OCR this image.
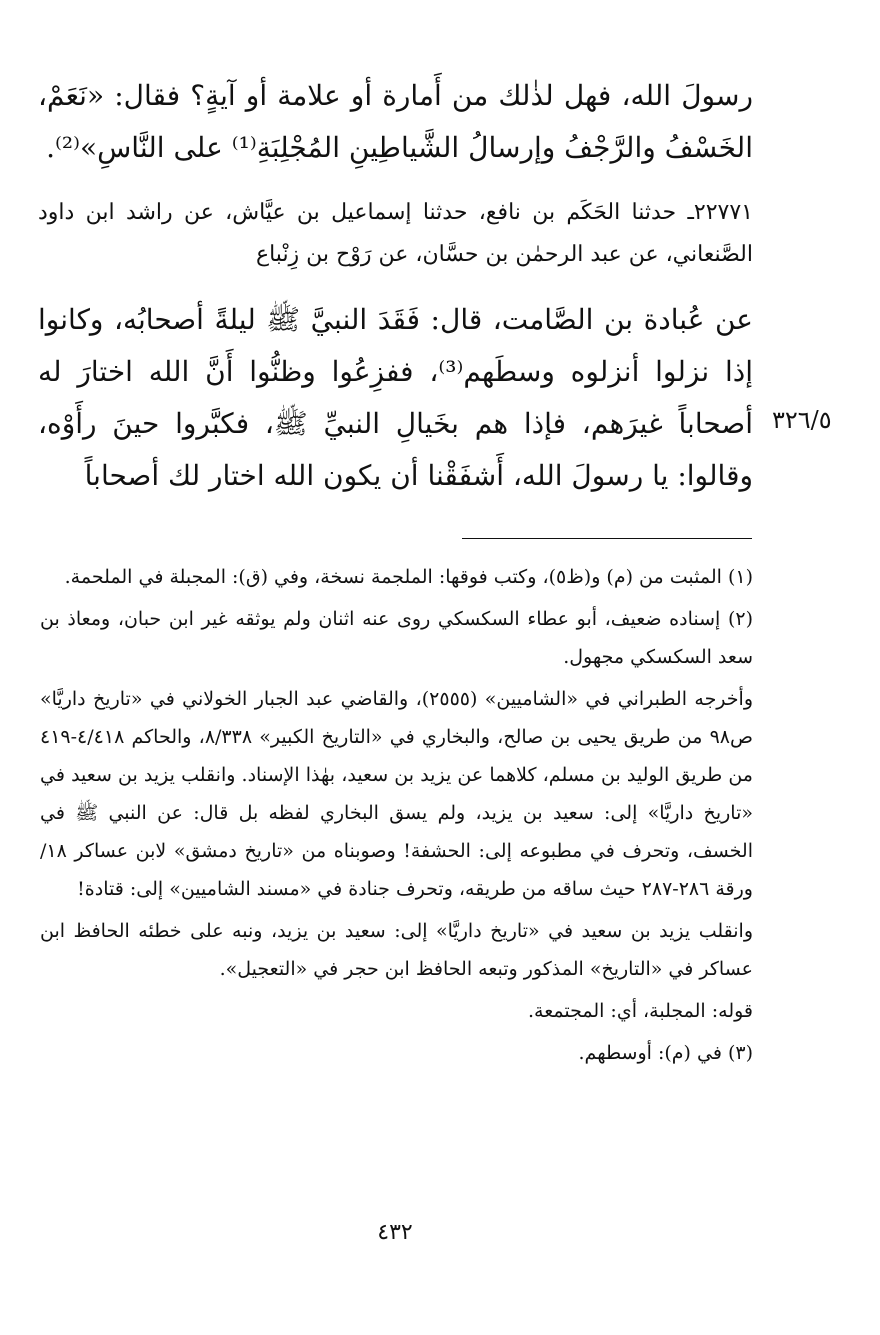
رسولَ الله، فهل لذٰلك من أَمارة أو علامة أو آيةٍ؟ فقال: «نَعَمْ، الخَسْفُ والرَّجْفُ وإرسالُ الشَّياطِينِ المُجْلِبَةِ⁽¹⁾ على النَّاسِ»⁽²⁾.

٢٢٧٧١ـ حدثنا الحَكَم بن نافع، حدثنا إسماعيل بن عيَّاش، عن راشد ابن داود الصَّنعاني، عن عبد الرحمٰن بن حسَّان، عن رَوْح بن زِنْباع

عن عُبادة بن الصَّامت، قال: فَقَدَ النبيَّ ﷺ ليلةً أصحابُه، وكانوا إذا نزلوا أنزلوه وسطَهم⁽³⁾، ففزِعُوا وظنُّوا أَنَّ الله اختارَ له أصحاباً غيرَهم، فإذا هم بخَيالِ النبيِّ ﷺ، فكبَّروا حينَ رأَوْه، وقالوا: يا رسولَ الله، أَشفَقْنا أن يكون الله اختار لك أصحاباً

٣٢٦/٥

(١) المثبت من (م) و(ظ٥)، وكتب فوقها: الملجمة نسخة، وفي (ق): المجبلة في الملحمة.

(٢) إسناده ضعيف، أبو عطاء السكسكي روى عنه اثنان ولم يوثقه غير ابن حبان، ومعاذ بن سعد السكسكي مجهول.

وأخرجه الطبراني في «الشاميين» (٢٥٥٥)، والقاضي عبد الجبار الخولاني في «تاريخ داريَّا» ص٩٨ من طريق يحيى بن صالح، والبخاري في «التاريخ الكبير» ٨/٣٣٨، والحاكم ٤/٤١٨-٤١٩ من طريق الوليد بن مسلم، كلاهما عن يزيد بن سعيد، بهٰذا الإسناد. وانقلب يزيد بن سعيد في «تاريخ داريَّا» إلى: سعيد بن يزيد، ولم يسق البخاري لفظه بل قال: عن النبي ﷺ في الخسف، وتحرف في مطبوعه إلى: الحشفة! وصوبناه من «تاريخ دمشق» لابن عساكر ١٨/ورقة ٢٨٦-٢٨٧ حيث ساقه من طريقه، وتحرف جنادة في «مسند الشاميين» إلى: قتادة!

وانقلب يزيد بن سعيد في «تاريخ داريَّا» إلى: سعيد بن يزيد، ونبه على خطئه الحافظ ابن عساكر في «التاريخ» المذكور وتبعه الحافظ ابن حجر في «التعجيل».

قوله: المجلبة، أي: المجتمعة.

(٣) في (م): أوسطهم.

٤٣٢
